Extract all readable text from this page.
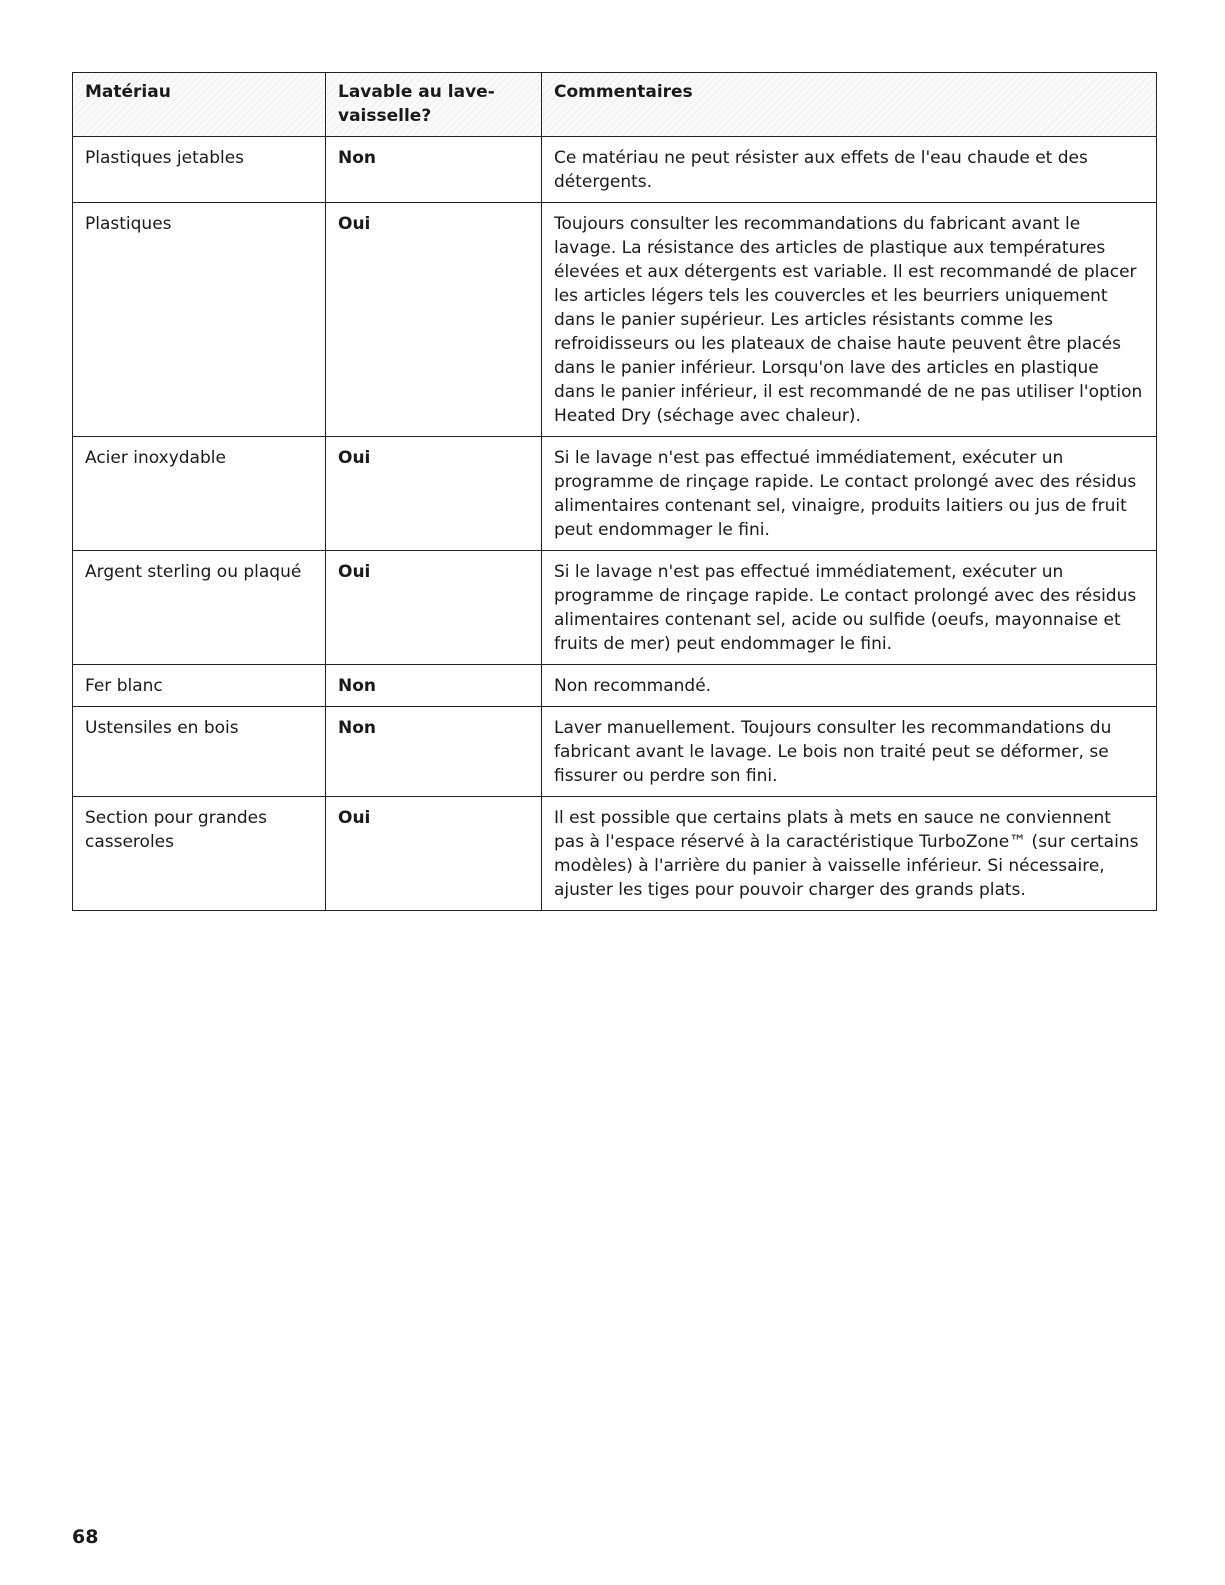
Matériau	Lavable au lave-vaisselle?	Commentaires
Plastiques jetables	Non	Ce matériau ne peut résister aux effets de l'eau chaude et des détergents.
Plastiques	Oui	Toujours consulter les recommandations du fabricant avant le lavage. La résistance des articles de plastique aux températures élevées et aux détergents est variable. Il est recommandé de placer les articles légers tels les couvercles et les beurriers uniquement dans le panier supérieur. Les articles résistants comme les refroidisseurs ou les plateaux de chaise haute peuvent être placés dans le panier inférieur. Lorsqu'on lave des articles en plastique dans le panier inférieur, il est recommandé de ne pas utiliser l'option Heated Dry (séchage avec chaleur).
Acier inoxydable	Oui	Si le lavage n'est pas effectué immédiatement, exécuter un programme de rinçage rapide. Le contact prolongé avec des résidus alimentaires contenant sel, vinaigre, produits laitiers ou jus de fruit peut endommager le fini.
Argent sterling ou plaqué	Oui	Si le lavage n'est pas effectué immédiatement, exécuter un programme de rinçage rapide. Le contact prolongé avec des résidus alimentaires contenant sel, acide ou sulfide (oeufs, mayonnaise et fruits de mer) peut endommager le fini.
Fer blanc	Non	Non recommandé.
Ustensiles en bois	Non	Laver manuellement. Toujours consulter les recommandations du fabricant avant le lavage. Le bois non traité peut se déformer, se fissurer ou perdre son fini.
Section pour grandes casseroles	Oui	Il est possible que certains plats à mets en sauce ne conviennent pas à l'espace réservé à la caractéristique TurboZone™ (sur certains modèles) à l'arrière du panier à vaisselle inférieur. Si nécessaire, ajuster les tiges pour pouvoir charger des grands plats.
68
